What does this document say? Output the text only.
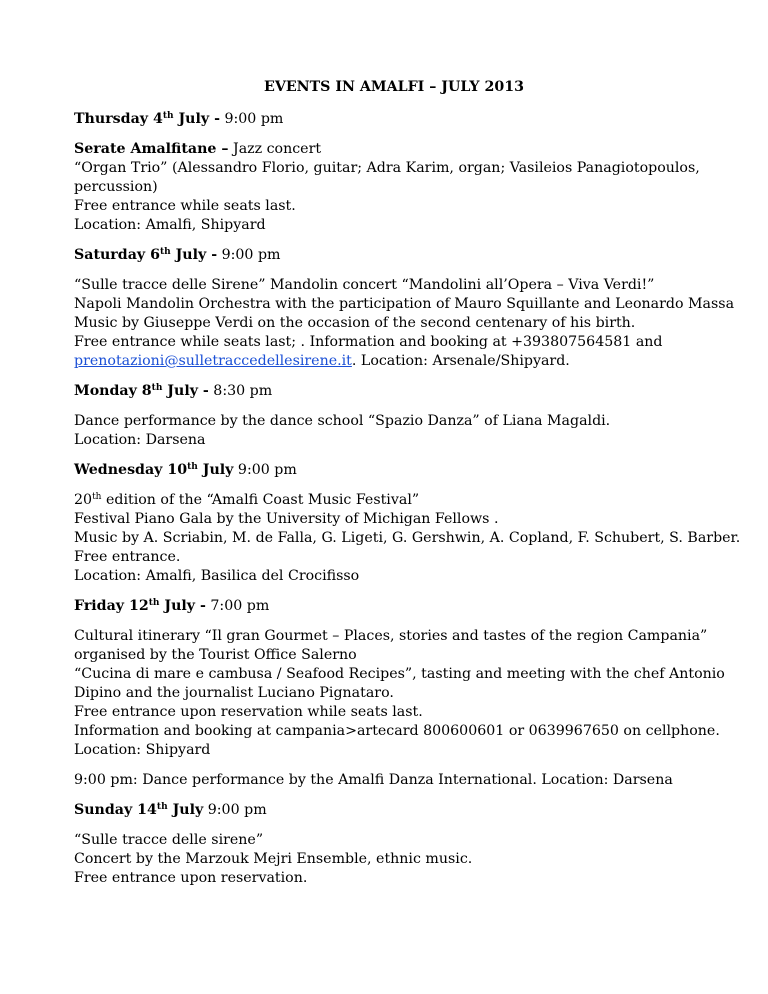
EVENTS IN AMALFI – JULY 2013
Thursday 4th July - 9:00 pm
Serate Amalfitane – Jazz concert
“Organ Trio” (Alessandro Florio, guitar; Adra Karim, organ; Vasileios Panagiotopoulos,
percussion)
Free entrance while seats last.
Location: Amalfi, Shipyard
Saturday 6th July - 9:00 pm
“Sulle tracce delle Sirene” Mandolin concert “Mandolini all’Opera – Viva Verdi!”
Napoli Mandolin Orchestra with the participation of Mauro Squillante and Leonardo Massa
Music by Giuseppe Verdi on the occasion of the second centenary of his birth.
Free entrance while seats last; . Information and booking at +393807564581 and
prenotazioni@sulletraccedellesirene.it. Location: Arsenale/Shipyard.
Monday 8th July - 8:30 pm
Dance performance by the dance school “Spazio Danza” of Liana Magaldi.
Location: Darsena
Wednesday 10th July 9:00 pm
20th edition of the “Amalfi Coast Music Festival”
Festival Piano Gala by the University of Michigan Fellows .
Music by A. Scriabin, M. de Falla, G. Ligeti, G. Gershwin, A. Copland, F. Schubert, S. Barber.
Free entrance.
Location: Amalfi, Basilica del Crocifisso
Friday 12th July - 7:00 pm
Cultural itinerary “Il gran Gourmet – Places, stories and tastes of the region Campania”
organised by the Tourist Office Salerno
“Cucina di mare e cambusa / Seafood Recipes”, tasting and meeting with the chef Antonio
Dipino and the journalist Luciano Pignataro.
Free entrance upon reservation while seats last.
Information and booking at campania>artecard 800600601 or 0639967650 on cellphone.
Location: Shipyard
9:00 pm: Dance performance by the Amalfi Danza International. Location: Darsena
Sunday 14th July 9:00 pm
“Sulle tracce delle sirene”
Concert by the Marzouk Mejri Ensemble, ethnic music.
Free entrance upon reservation.
